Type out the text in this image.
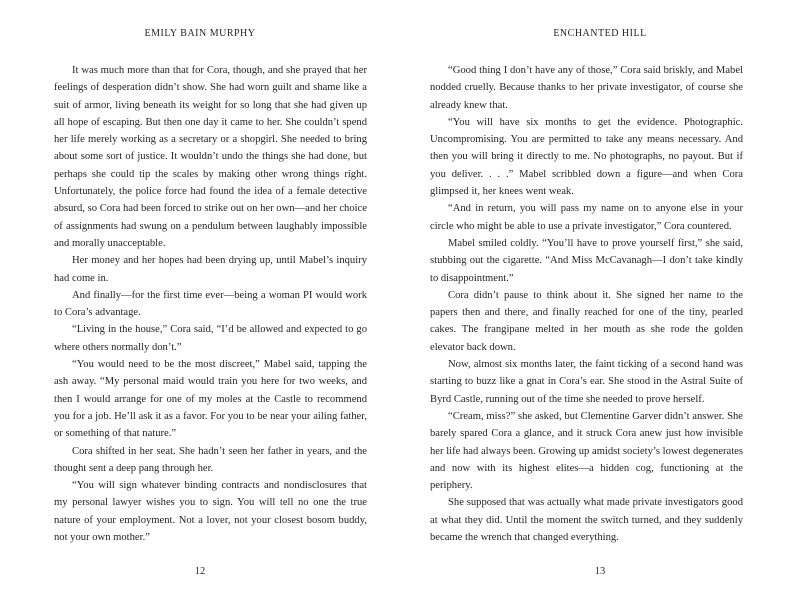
EMILY BAIN MURPHY

It was much more than that for Cora, though, and she prayed that her feelings of desperation didn’t show. She had worn guilt and shame like a suit of armor, living beneath its weight for so long that she had given up all hope of escaping. But then one day it came to her. She couldn’t spend her life merely working as a secretary or a shopgirl. She needed to bring about some sort of justice. It wouldn’t undo the things she had done, but perhaps she could tip the scales by making other wrong things right. Unfortunately, the police force had found the idea of a female detective absurd, so Cora had been forced to strike out on her own—and her choice of assignments had swung on a pendulum between laughably impossible and morally unacceptable.

Her money and her hopes had been drying up, until Mabel’s inquiry had come in.

And finally—for the first time ever—being a woman PI would work to Cora’s advantage.

“Living in the house,” Cora said, “I’d be allowed and expected to go where others normally don’t.”

“You would need to be the most discreet,” Mabel said, tapping the ash away. “My personal maid would train you here for two weeks, and then I would arrange for one of my moles at the Castle to recommend you for a job. He’ll ask it as a favor. For you to be near your ailing father, or something of that nature.”

Cora shifted in her seat. She hadn’t seen her father in years, and the thought sent a deep pang through her.

“You will sign whatever binding contracts and nondisclosures that my personal lawyer wishes you to sign. You will tell no one the true nature of your employment. Not a lover, not your closest bosom buddy, not your own mother.”

12
ENCHANTED HILL

“Good thing I don’t have any of those,” Cora said briskly, and Mabel nodded cruelly. Because thanks to her private investigator, of course she already knew that.

“You will have six months to get the evidence. Photographic. Uncompromising. You are permitted to take any means necessary. And then you will bring it directly to me. No photographs, no payout. But if you deliver. . . .” Mabel scribbled down a figure—and when Cora glimpsed it, her knees went weak.

“And in return, you will pass my name on to anyone else in your circle who might be able to use a private investigator,” Cora countered.

Mabel smiled coldly. “You’ll have to prove yourself first,” she said, stubbing out the cigarette. “And Miss McCavanagh—I don’t take kindly to disappointment.”

Cora didn’t pause to think about it. She signed her name to the papers then and there, and finally reached for one of the tiny, pearled cakes. The frangipane melted in her mouth as she rode the golden elevator back down.

Now, almost six months later, the faint ticking of a second hand was starting to buzz like a gnat in Cora’s ear. She stood in the Astral Suite of Byrd Castle, running out of the time she needed to prove herself.

“Cream, miss?” she asked, but Clementine Garver didn’t answer. She barely spared Cora a glance, and it struck Cora anew just how invisible her life had always been. Growing up amidst society’s lowest degenerates and now with its highest elites—a hidden cog, functioning at the periphery.

She supposed that was actually what made private investigators good at what they did. Until the moment the switch turned, and they suddenly became the wrench that changed everything.

13
